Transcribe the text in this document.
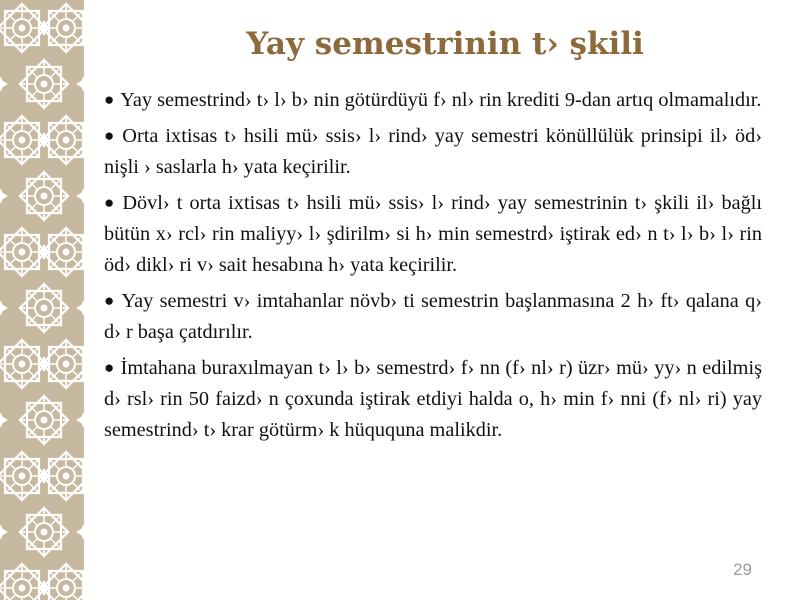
Yay semestrinin t› şkili

● Yay semestrind› t› l› b› nin götürdüyü f› nl› rin krediti 9-dan artıq olmamalıdır.

● Orta ixtisas t› hsili mü› ssis› l› rind› yay semestri könüllülük prinsipi il› öd› nişli › saslarla h› yata keçirilir.

● Dövl› t orta ixtisas t› hsili mü› ssis› l› rind› yay semestrinin t› şkili il› bağlı bütün x› rcl› rin maliyy› l› şdirilm› si h› min semestrd› iştirak ed› n t› l› b› l› rin öd› dikl› ri v› sait hesabına h› yata keçirilir.

● Yay semestri v› imtahanlar növb› ti semestrin başlanmasına 2 h› ft› qalana q› d› r başa çatdırılır.

● İmtahana buraxılmayan t› l› b› semestrd› f› nn (f› nl› r) üzr› mü› yy› n edilmiş d› rsl› rin 50 faizd› n çoxunda iştirak etdiyi halda o, h› min f› nni (f› nl› ri) yay semestrind› t› krar götürm› k hüququna malikdir.

29
